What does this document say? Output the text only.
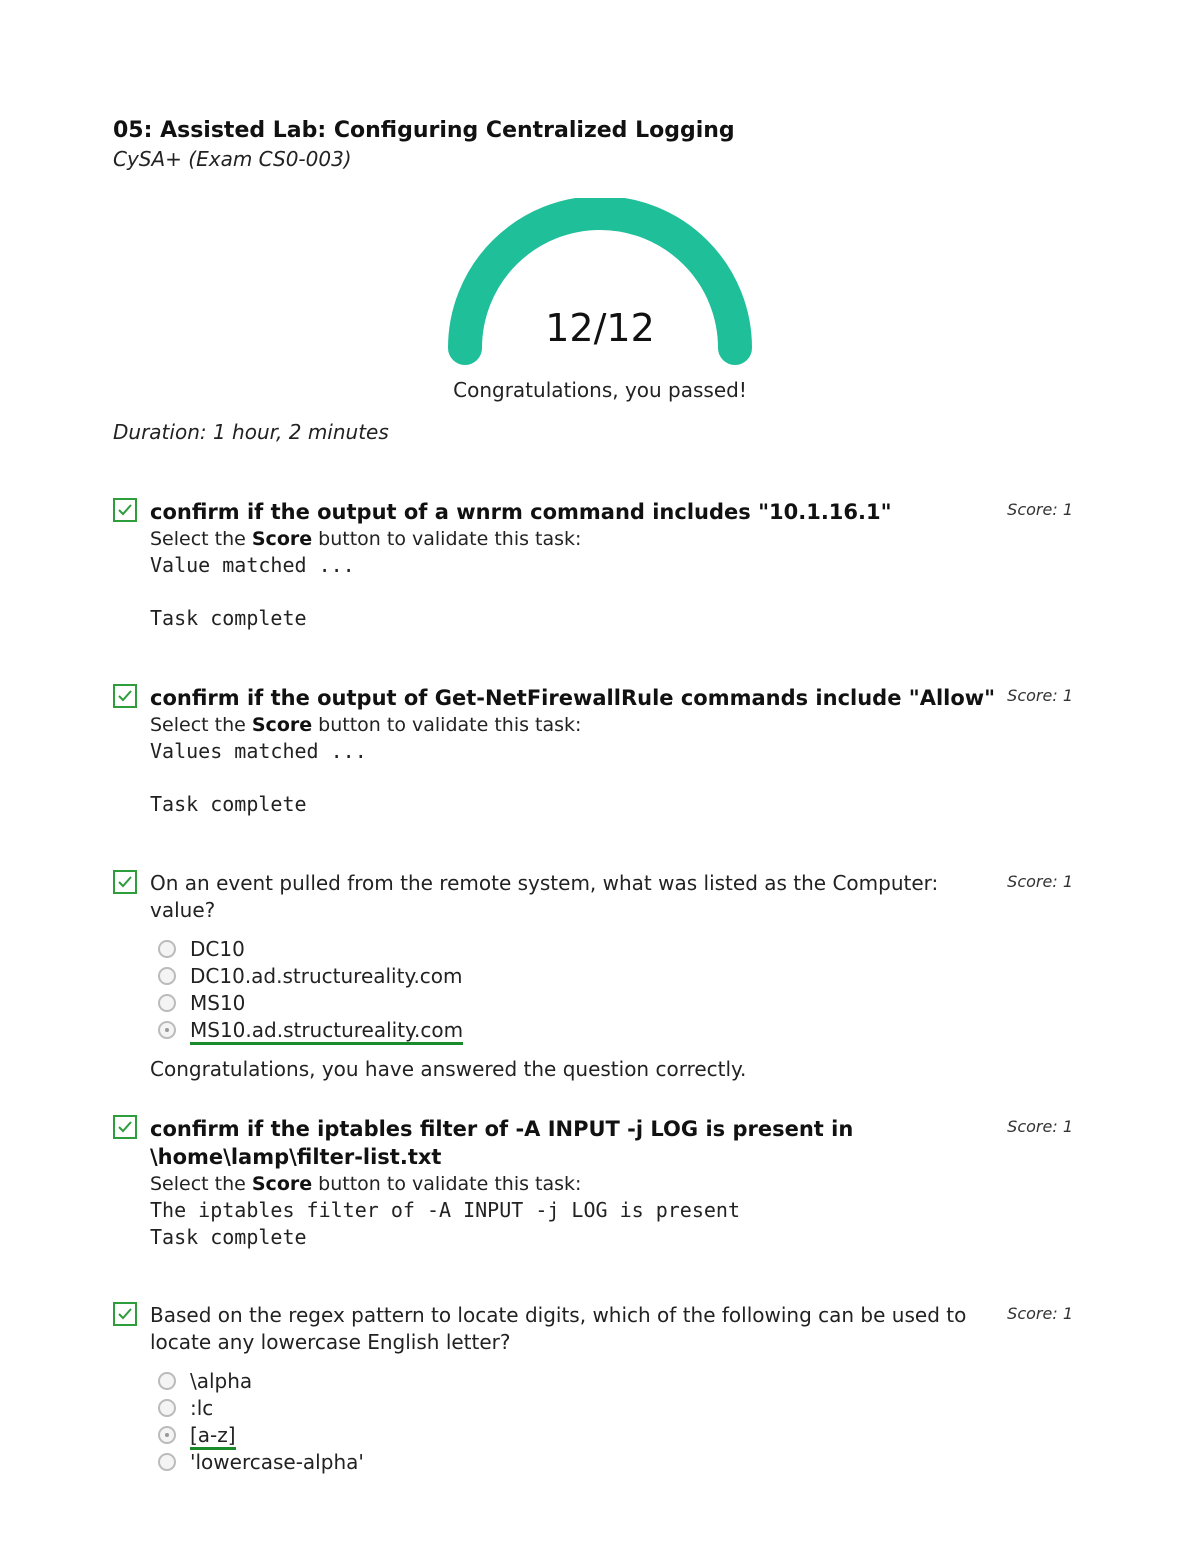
05: Assisted Lab: Configuring Centralized Logging
CySA+ (Exam CS0-003)
12/12
Congratulations, you passed!
Duration: 1 hour, 2 minutes
confirm if the output of a wnrm command includes "10.1.16.1"
Select the Score button to validate this task:
Value matched ...
Task complete
Score: 1
confirm if the output of Get-NetFirewallRule commands include "Allow"
Select the Score button to validate this task:
Values matched ...
Task complete
Score: 1
On an event pulled from the remote system, what was listed as the Computer: value?
DC10
DC10.ad.structureality.com
MS10
MS10.ad.structureality.com
Congratulations, you have answered the question correctly.
Score: 1
confirm if the iptables filter of -A INPUT -j LOG is present in
\home\lamp\filter-list.txt
Select the Score button to validate this task:
The iptables filter of -A INPUT -j LOG is present
Task complete
Score: 1
Based on the regex pattern to locate digits, which of the following can be used to
locate any lowercase English letter?
\alpha
:lc
[a-z]
'lowercase-alpha'
Score: 1
